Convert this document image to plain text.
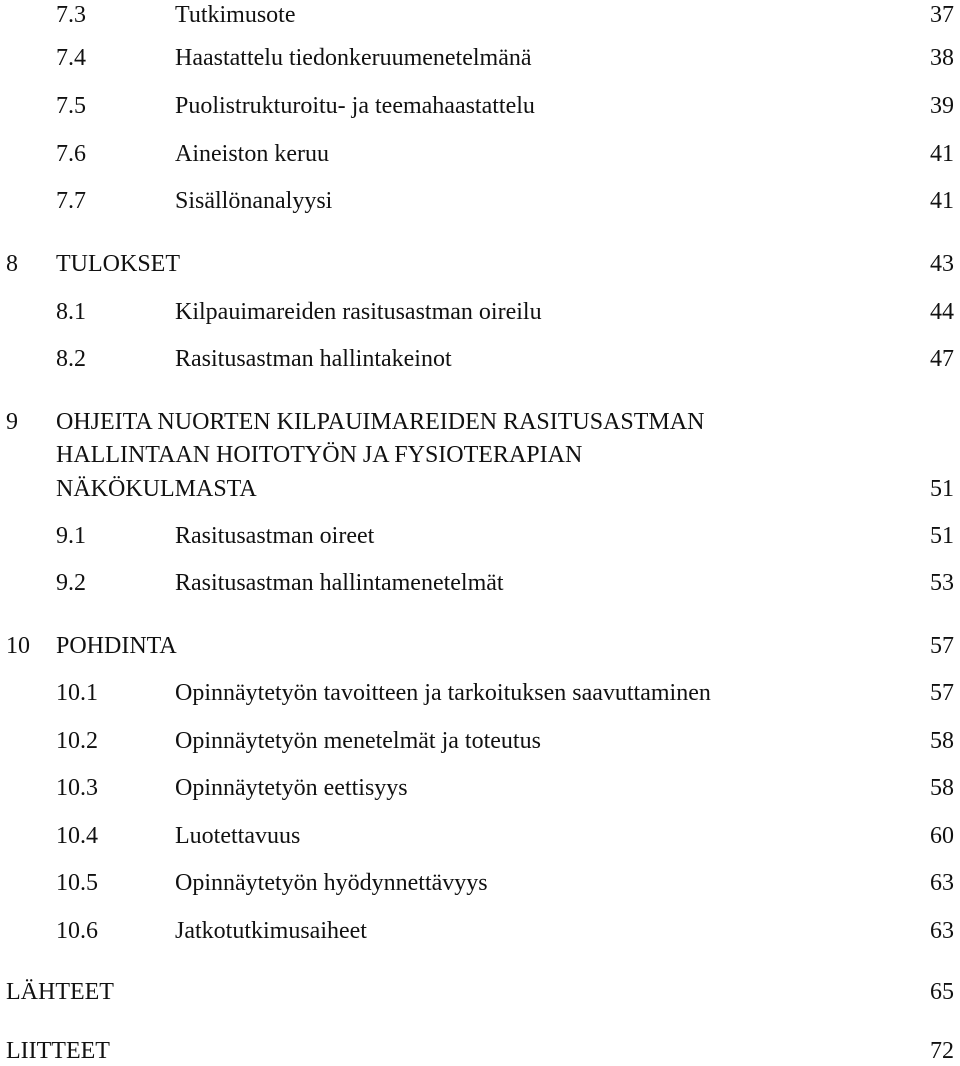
7.3	Tutkimusote	37
7.4	Haastattelu tiedonkeruumenetelmänä	38
7.5	Puolistrukturoitu- ja teemahaastattelu	39
7.6	Aineiston keruu	41
7.7	Sisällönanalyysi	41
8 TULOKSET	43
8.1	Kilpauimareiden rasitusastman oireilu	44
8.2	Rasitusastman hallintakeinot	47
9 OHJEITA NUORTEN KILPAUIMAREIDEN RASITUSASTMAN
HALLINTAAN HOITOTYÖN JA FYSIOTERAPIAN
NÄKÖKULMASTA	51
9.1	Rasitusastman oireet	51
9.2	Rasitusastman hallintamenetelmät	53
10 POHDINTA	57
10.1	Opinnäytetyön tavoitteen ja tarkoituksen saavuttaminen	57
10.2	Opinnäytetyön menetelmät ja toteutus	58
10.3	Opinnäytetyön eettisyys	58
10.4	Luotettavuus	60
10.5	Opinnäytetyön hyödynnettävyys	63
10.6	Jatkotutkimusaiheet	63
LÄHTEET	65
LIITTEET	72
